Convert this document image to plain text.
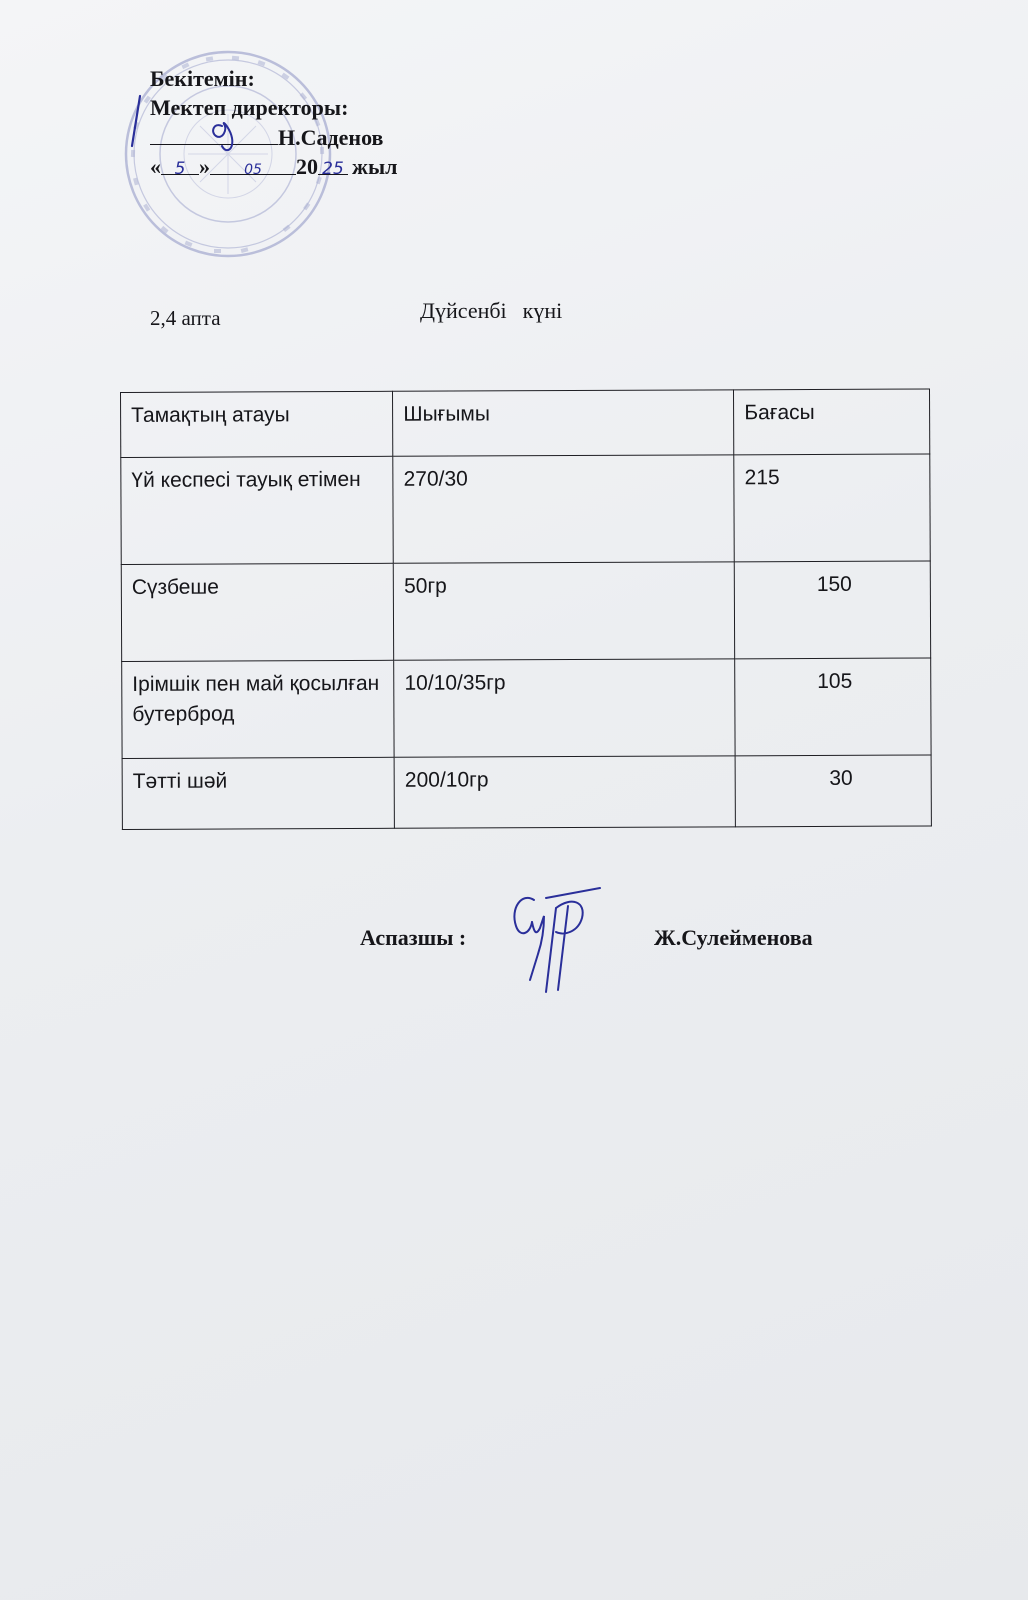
Бекітемін:
Мектеп директоры:
Н.Саденов
« 5 » 05 20 25 жыл
2,4 апта	Дүйсенбі күні
Тамақтың атауы	Шығымы	Бағасы
Үй кеспесі тауық етімен	270/30	215
Сүзбеше	50гр	150
Ірімшік пен май қосылған бутерброд	10/10/35гр	105
Тәтті шәй	200/10гр	30
Аспазшы :	Ж.Сулейменова
